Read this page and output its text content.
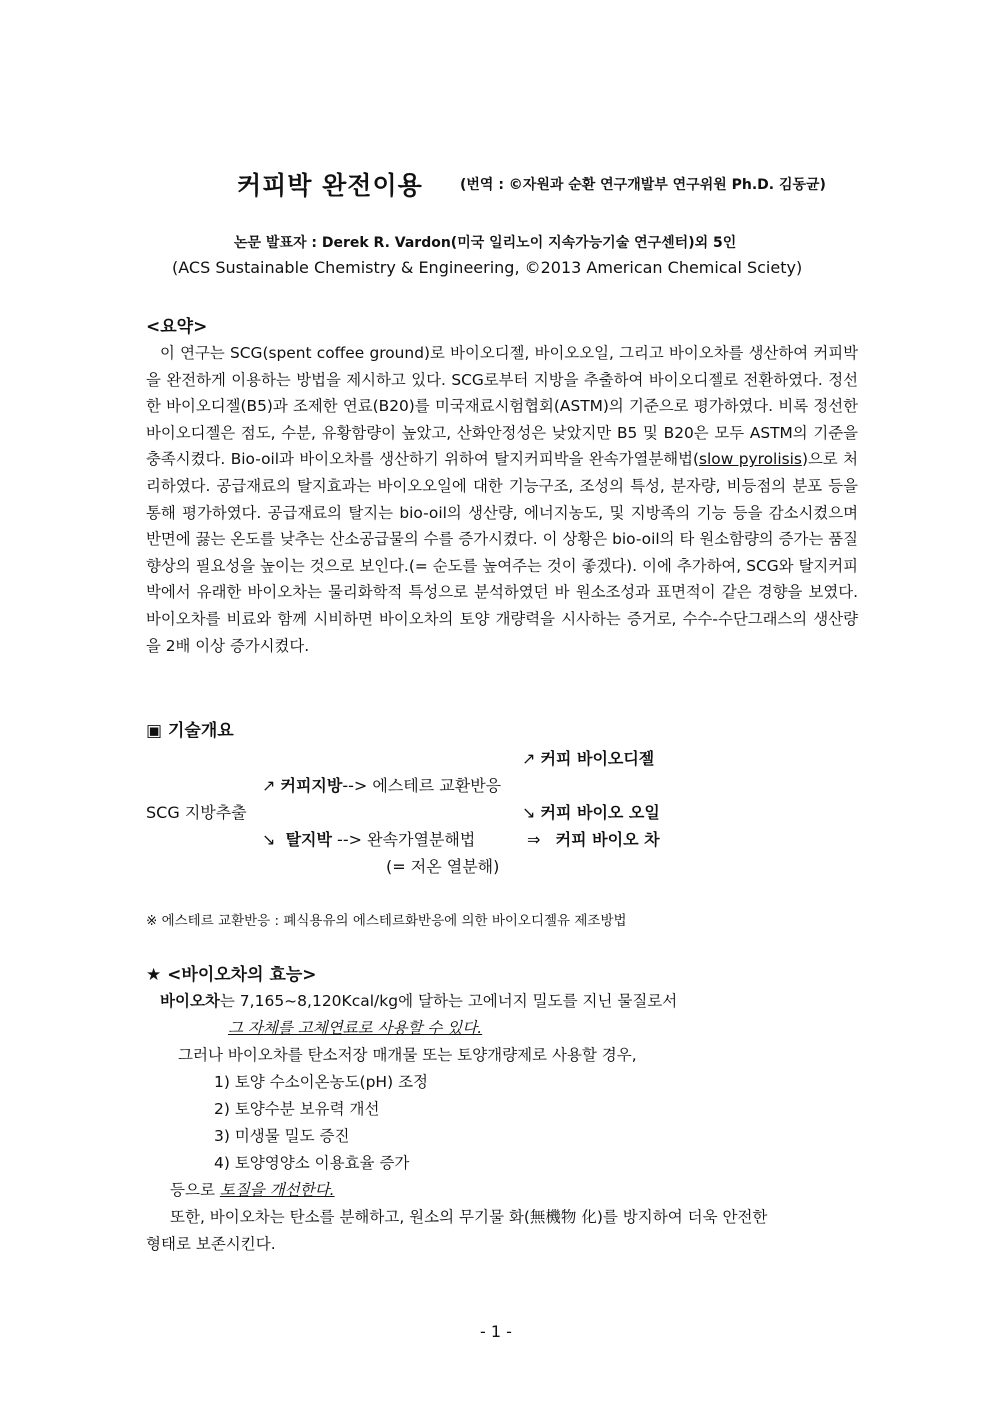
커피박 완전이용	(번역 : ©자원과 순환 연구개발부 연구위원 Ph.D. 김동균)
논문 발표자 : Derek R. Vardon(미국 일리노이 지속가능기술 연구센터)외 5인
(ACS Sustainable Chemistry & Engineering, ©2013 American Chemical Sciety)
<요약>
이 연구는 SCG(spent coffee ground)로 바이오디젤, 바이오오일, 그리고 바이오차를 생산하여 커피박을 완전하게 이용하는 방법을 제시하고 있다. SCG로부터 지방을 추출하여 바이오디젤로 전환하였다. 정선한 바이오디젤(B5)과 조제한 연료(B20)를 미국재료시험협회(ASTM)의 기준으로 평가하였다. 비록 정선한 바이오디젤은 점도, 수분, 유황함량이 높았고, 산화안정성은 낮았지만 B5 및 B20은 모두 ASTM의 기준을 충족시켰다. Bio-oil과 바이오차를 생산하기 위하여 탈지커피박을 완속가열분해법(slow pyrolisis)으로 처리하였다. 공급재료의 탈지효과는 바이오오일에 대한 기능구조, 조성의 특성, 분자량, 비등점의 분포 등을 통해 평가하였다. 공급재료의 탈지는 bio-oil의 생산량, 에너지농도, 및 지방족의 기능 등을 감소시켰으며 반면에 끓는 온도를 낮추는 산소공급물의 수를 증가시켰다. 이 상황은 bio-oil의 타 원소함량의 증가는 품질향상의 필요성을 높이는 것으로 보인다.(= 순도를 높여주는 것이 좋겠다). 이에 추가하여, SCG와 탈지커피박에서 유래한 바이오차는 물리화학적 특성으로 분석하였던 바 원소조성과 표면적이 같은 경향을 보였다. 바이오차를 비료와 함께 시비하면 바이오차의 토양 개량력을 시사하는 증거로, 수수-수단그래스의 생산량을 2배 이상 증가시켰다.
▣ 기술개요
↗ 커피 바이오디젤
↗ 커피지방--> 에스테르 교환반응
SCG 지방추출	↘ 커피 바이오 오일
↘ 탈지박 --> 완속가열분해법	⇒ 커피 바이오 차
(= 저온 열분해)
※ 에스테르 교환반응 : 폐식용유의 에스테르화반응에 의한 바이오디젤유 제조방법
★ <바이오차의 효능>
바이오차는 7,165~8,120Kcal/kg에 달하는 고에너지 밀도를 지닌 물질로서
그 자체를 고체연료로 사용할 수 있다.
그러나 바이오차를 탄소저장 매개물 또는 토양개량제로 사용할 경우,
1) 토양 수소이온농도(pH) 조정
2) 토양수분 보유력 개선
3) 미생물 밀도 증진
4) 토양영양소 이용효율 증가
등으로 토질을 개선한다.
또한, 바이오차는 탄소를 분해하고, 원소의 무기물 화(無機物 化)를 방지하여 더욱 안전한
형태로 보존시킨다.
- 1 -
